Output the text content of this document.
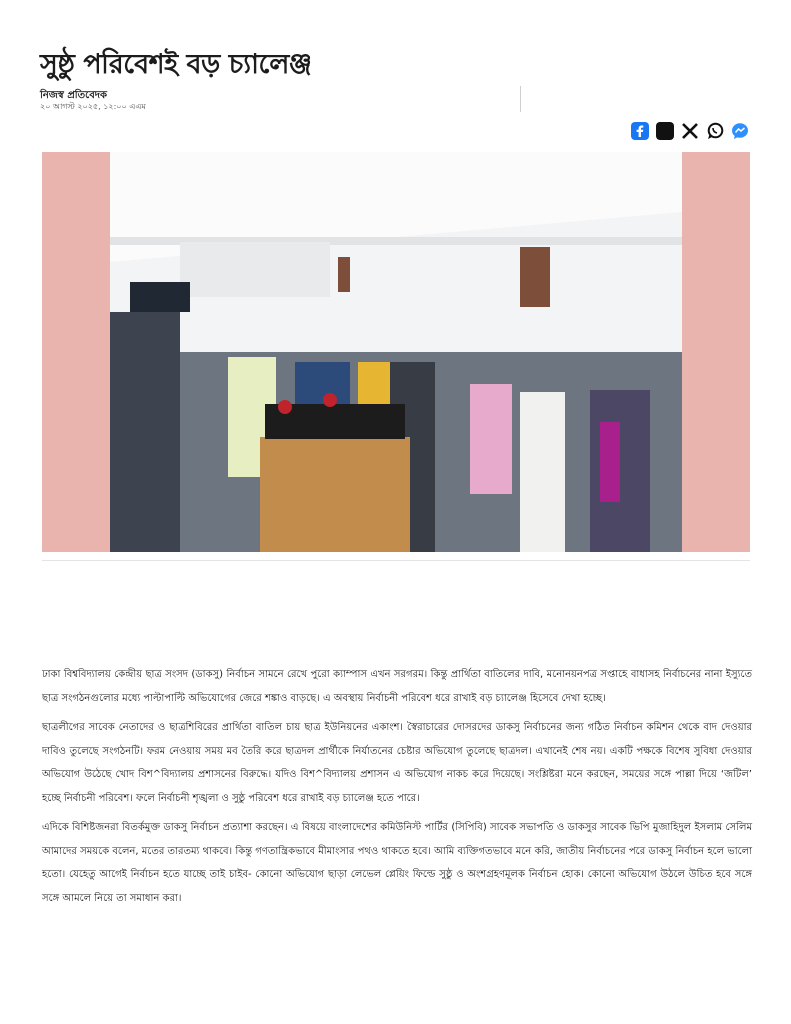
সুষ্ঠু পরিবেশই বড় চ্যালেঞ্জ
নিজস্ব প্রতিবেদক
২০ আগস্ট ২০২৫, ১২:০০ এএম

ঢাকা বিশ্ববিদ্যালয় কেন্দ্রীয় ছাত্র সংসদ (ডাকসু) নির্বাচন সামনে রেখে পুরো ক্যাম্পাস এখন সরগরম। কিন্তু প্রার্থিতা বাতিলের দাবি, মনোনয়নপত্র সপ্তাহে বাধাসহ নির্বাচনের নানা ইস্যুতে ছাত্র সংগঠনগুলোর মধ্যে পাল্টাপাল্টি অভিযোগের জেরে শঙ্কাও বাড়ছে। এ অবস্থায় নির্বাচনী পরিবেশ ধরে রাখাই বড় চ্যালেঞ্জ হিসেবে দেখা হচ্ছে।

ছাত্রলীগের সাবেক নেতাদের ও ছাত্রশিবিরের প্রার্থিতা বাতিল চায় ছাত্র ইউনিয়নের একাংশ। স্বৈরাচারের দোসরদের ডাকসু নির্বাচনের জন্য গঠিত নির্বাচন কমিশন থেকে বাদ দেওয়ার দাবিও তুলেছে সংগঠনটি। ফরম নেওয়ায় সময় মব তৈরি করে ছাত্রদল প্রার্থীকে নির্যাতনের চেষ্টার অভিযোগ তুলেছে ছাত্রদল। এখানেই শেষ নয়। একটি পক্ষকে বিশেষ সুবিধা দেওয়ার অভিযোগ উঠেছে খোদ বিশ^বিদ্যালয় প্রশাসনের বিরুদ্ধে। যদিও বিশ^বিদ্যালয় প্রশাসন এ অভিযোগ নাকচ করে দিয়েছে। সংশ্লিষ্টরা মনে করছেন, সময়ের সঙ্গে পাল্লা দিয়ে ‘জটিল’ হচ্ছে নির্বাচনী পরিবেশ। ফলে নির্বাচনী শৃঙ্খলা ও সুষ্ঠু পরিবেশ ধরে রাখাই বড় চ্যালেঞ্জ হতে পারে।

এদিকে বিশিষ্টজনরা বিতর্কমুক্ত ডাকসু নির্বাচন প্রত্যাশা করছেন। এ বিষয়ে বাংলাদেশের কমিউনিস্ট পার্টির (সিপিবি) সাবেক সভাপতি ও ডাকসুর সাবেক ভিপি মুজাহিদুল ইসলাম সেলিম আমাদের সময়কে বলেন, মতের তারতম্য থাকবে। কিন্তু গণতান্ত্রিকভাবে মীমাংসার পথও থাকতে হবে। আমি ব্যক্তিগতভাবে মনে করি, জাতীয় নির্বাচনের পরে ডাকসু নির্বাচন হলে ভালো হতো। যেহেতু আগেই নির্বাচন হতে যাচ্ছে তাই চাইব- কোনো অভিযোগ ছাড়া লেভেল প্লেয়িং ফিল্ডে সুষ্ঠু ও অংশগ্রহণমূলক নির্বাচন হোক। কোনো অভিযোগ উঠলে উচিত হবে সঙ্গে সঙ্গে আমলে নিয়ে তা সমাধান করা।
